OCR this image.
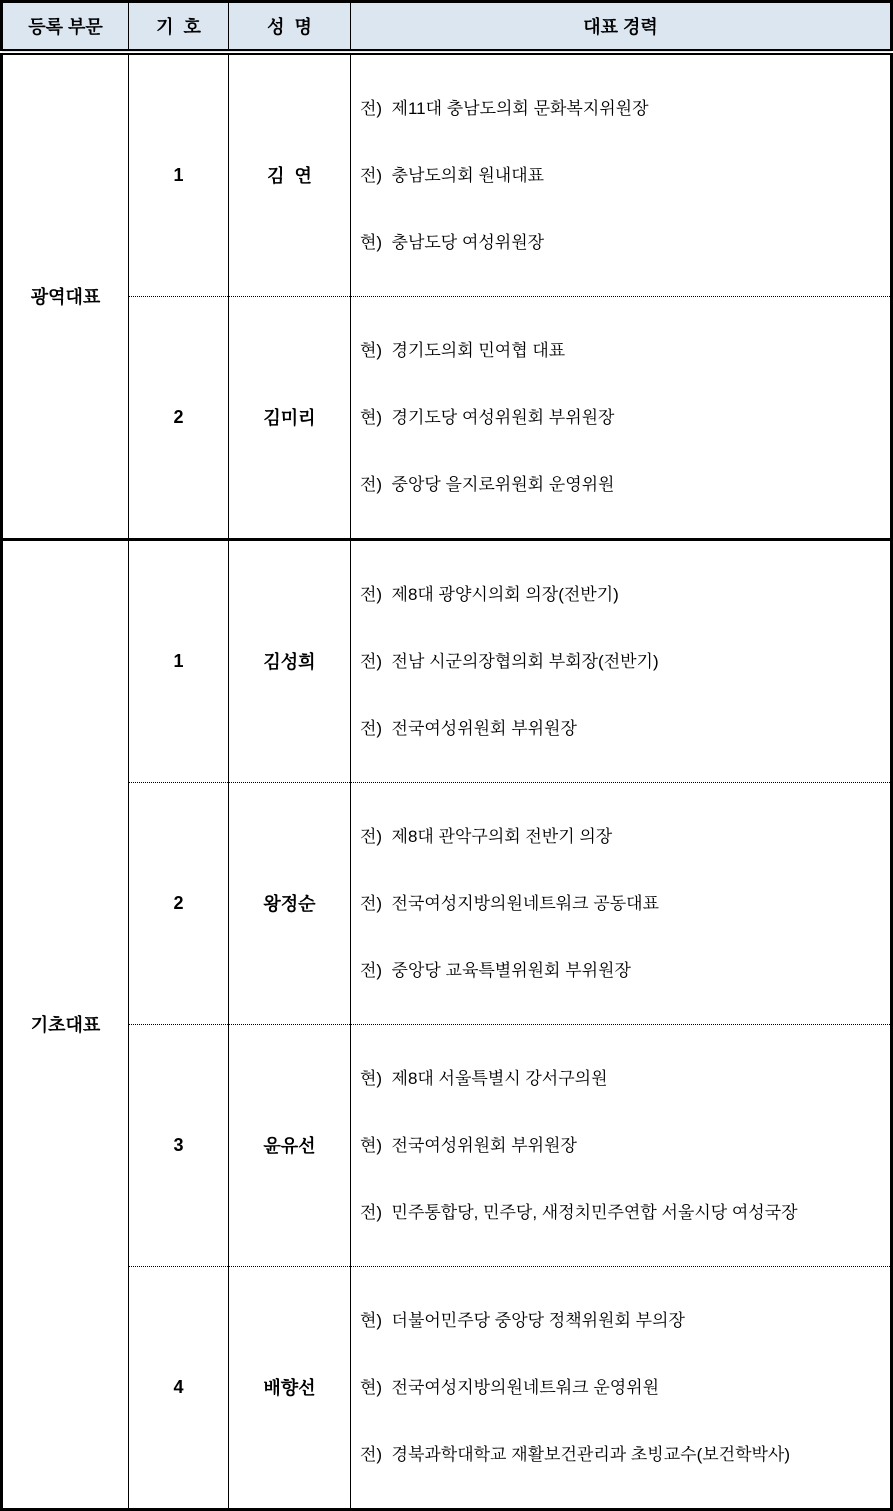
등록 부문	기  호	성  명	대표 경력
광역대표	1	김  연	전)  제11대 충남도의회 문화복지위원장

전)  충남도의회 원내대표

현)  충남도당 여성위원장

	2	김미리	현)  경기도의회 민여협 대표

현)  경기도당 여성위원회 부위원장

전)  중앙당 을지로위원회 운영위원

기초대표	1	김성희	전)  제8대 광양시의회 의장(전반기)

전)  전남 시군의장협의회 부회장(전반기)

전)  전국여성위원회 부위원장

	2	왕정순	전)  제8대 관악구의회 전반기 의장

전)  전국여성지방의원네트워크 공동대표

전)  중앙당 교육특별위원회 부위원장

	3	윤유선	현)  제8대 서울특별시 강서구의원

현)  전국여성위원회 부위원장

전)  민주통합당, 민주당, 새정치민주연합 서울시당 여성국장

	4	배향선	현)  더불어민주당 중앙당 정책위원회 부의장

현)  전국여성지방의원네트워크 운영위원

전)  경북과학대학교 재활보건관리과 초빙교수(보건학박사)
